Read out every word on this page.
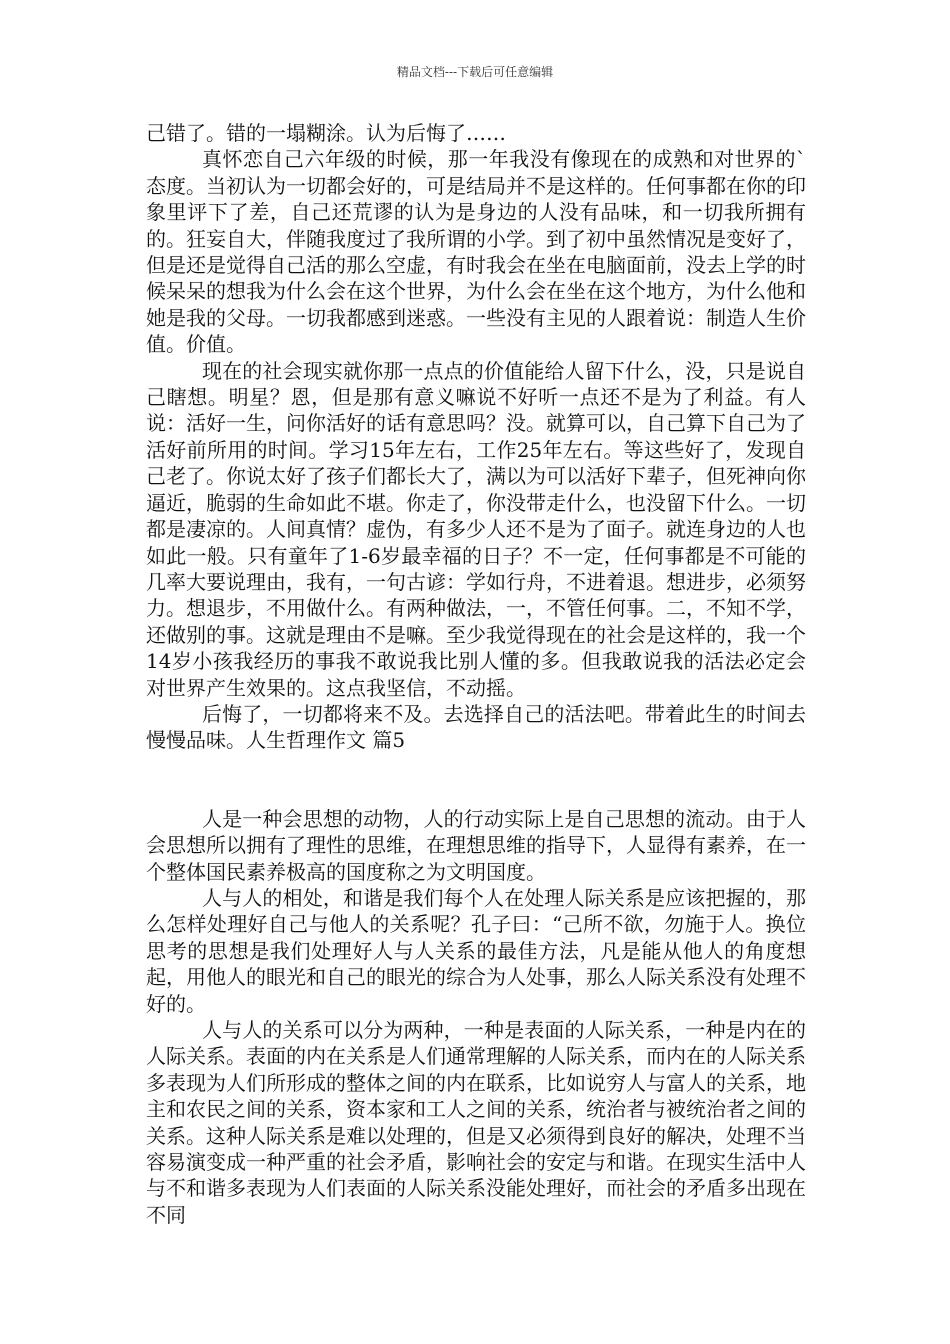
精品文档---下载后可任意编辑

己错了。错的一塌糊涂。认为后悔了……

真怀恋自己六年级的时候，那一年我没有像现在的成熟和对世界的`态度。当初认为一切都会好的，可是结局并不是这样的。任何事都在你的印象里评下了差，自己还荒谬的认为是身边的人没有品味，和一切我所拥有的。狂妄自大，伴随我度过了我所谓的小学。到了初中虽然情况是变好了，但是还是觉得自己活的那么空虚，有时我会在坐在电脑面前，没去上学的时候呆呆的想我为什么会在这个世界，为什么会在坐在这个地方，为什么他和她是我的父母。一切我都感到迷惑。一些没有主见的人跟着说：制造人生价值。价值。

现在的社会现实就你那一点点的价值能给人留下什么，没，只是说自己瞎想。明星？恩，但是那有意义嘛说不好听一点还不是为了利益。有人说：活好一生，问你活好的话有意思吗？没。就算可以，自己算下自己为了活好前所用的时间。学习15年左右，工作25年左右。等这些好了，发现自己老了。你说太好了孩子们都长大了，满以为可以活好下辈子，但死神向你逼近，脆弱的生命如此不堪。你走了，你没带走什么，也没留下什么。一切都是凄凉的。人间真情？虚伪，有多少人还不是为了面子。就连身边的人也如此一般。只有童年了1-6岁最幸福的日子？不一定，任何事都是不可能的几率大要说理由，我有，一句古谚：学如行舟，不进着退。想进步，必须努力。想退步，不用做什么。有两种做法，一，不管任何事。二，不知不学，还做别的事。这就是理由不是嘛。至少我觉得现在的社会是这样的，我一个14岁小孩我经历的事我不敢说我比别人懂的多。但我敢说我的活法必定会对世界产生效果的。这点我坚信，不动摇。

后悔了，一切都将来不及。去选择自己的活法吧。带着此生的时间去慢慢品味。人生哲理作文 篇5

人是一种会思想的动物，人的行动实际上是自己思想的流动。由于人会思想所以拥有了理性的思维，在理想思维的指导下，人显得有素养，在一个整体国民素养极高的国度称之为文明国度。

人与人的相处，和谐是我们每个人在处理人际关系是应该把握的，那么怎样处理好自己与他人的关系呢？孔子曰：“己所不欲，勿施于人。换位思考的思想是我们处理好人与人关系的最佳方法，凡是能从他人的角度想起，用他人的眼光和自己的眼光的综合为人处事，那么人际关系没有处理不好的。

人与人的关系可以分为两种，一种是表面的人际关系，一种是内在的人际关系。表面的内在关系是人们通常理解的人际关系，而内在的人际关系多表现为人们所形成的整体之间的内在联系，比如说穷人与富人的关系，地主和农民之间的关系，资本家和工人之间的关系，统治者与被统治者之间的关系。这种人际关系是难以处理的，但是又必须得到良好的解决，处理不当容易演变成一种严重的社会矛盾，影响社会的安定与和谐。在现实生活中人与不和谐多表现为人们表面的人际关系没能处理好，而社会的矛盾多出现在不同
